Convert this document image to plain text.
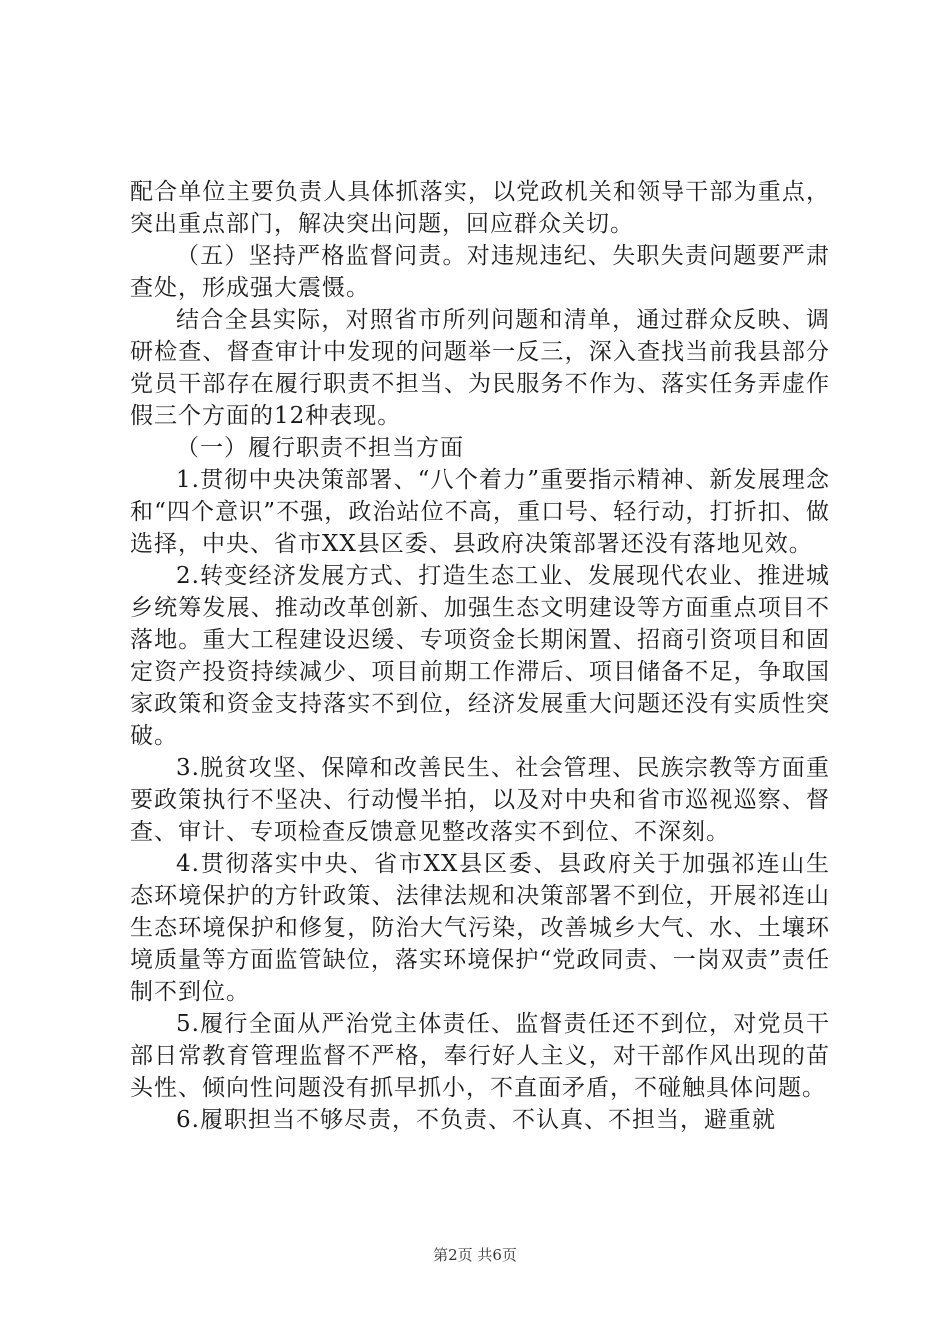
配合单位主要负责人具体抓落实，以党政机关和领导干部为重点，突出重点部门，解决突出问题，回应群众关切。

（五）坚持严格监督问责。对违规违纪、失职失责问题要严肃查处，形成强大震慑。

结合全县实际，对照省市所列问题和清单，通过群众反映、调研检查、督查审计中发现的问题举一反三，深入查找当前我县部分党员干部存在履行职责不担当、为民服务不作为、落实任务弄虚作假三个方面的12种表现。

（一）履行职责不担当方面

1.贯彻中央决策部署、“八个着力”重要指示精神、新发展理念和“四个意识”不强，政治站位不高，重口号、轻行动，打折扣、做选择，中央、省市XX县区委、县政府决策部署还没有落地见效。

2.转变经济发展方式、打造生态工业、发展现代农业、推进城乡统筹发展、推动改革创新、加强生态文明建设等方面重点项目不落地。重大工程建设迟缓、专项资金长期闲置、招商引资项目和固定资产投资持续减少、项目前期工作滞后、项目储备不足，争取国家政策和资金支持落实不到位，经济发展重大问题还没有实质性突破。

3.脱贫攻坚、保障和改善民生、社会管理、民族宗教等方面重要政策执行不坚决、行动慢半拍，以及对中央和省市巡视巡察、督查、审计、专项检查反馈意见整改落实不到位、不深刻。

4.贯彻落实中央、省市XX县区委、县政府关于加强祁连山生态环境保护的方针政策、法律法规和决策部署不到位，开展祁连山生态环境保护和修复，防治大气污染，改善城乡大气、水、土壤环境质量等方面监管缺位，落实环境保护“党政同责、一岗双责”责任制不到位。

5.履行全面从严治党主体责任、监督责任还不到位，对党员干部日常教育管理监督不严格，奉行好人主义，对干部作风出现的苗头性、倾向性问题没有抓早抓小，不直面矛盾，不碰触具体问题。

6.履职担当不够尽责，不负责、不认真、不担当，避重就

第2页 共6页
